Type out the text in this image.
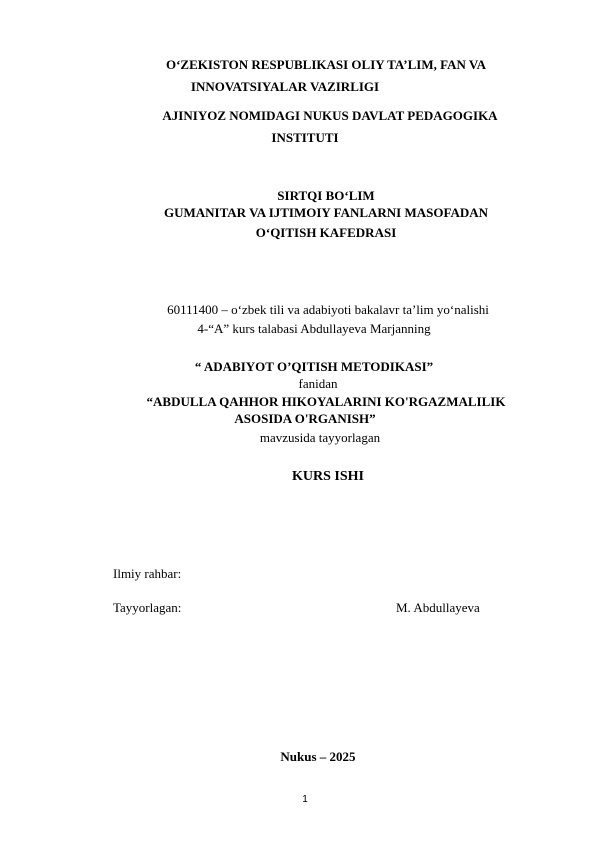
O‘ZEKISTON RESPUBLIKASI OLIY TA’LIM, FAN VA
INNOVATSIYALAR VAZIRLIGI
AJINIYOZ NOMIDAGI NUKUS DAVLAT PEDAGOGIKA
INSTITUTI
SIRTQI BO‘LIM
GUMANITAR VA IJTIMOIY FANLARNI MASOFADAN
O‘QITISH KAFEDRASI
60111400 – o‘zbek tili va adabiyoti bakalavr ta’lim yo‘nalishi
4-“A” kurs talabasi Abdullayeva Marjanning
“ ADABIYOT O’QITISH METODIKASI”
fanidan
“ABDULLA QAHHOR HIKOYALARINI KO'RGAZMALILIK
ASOSIDA O'RGANISH”
mavzusida tayyorlagan
KURS ISHI
Ilmiy rahbar:
Tayyorlagan:	M. Abdullayeva
Nukus – 2025
1
